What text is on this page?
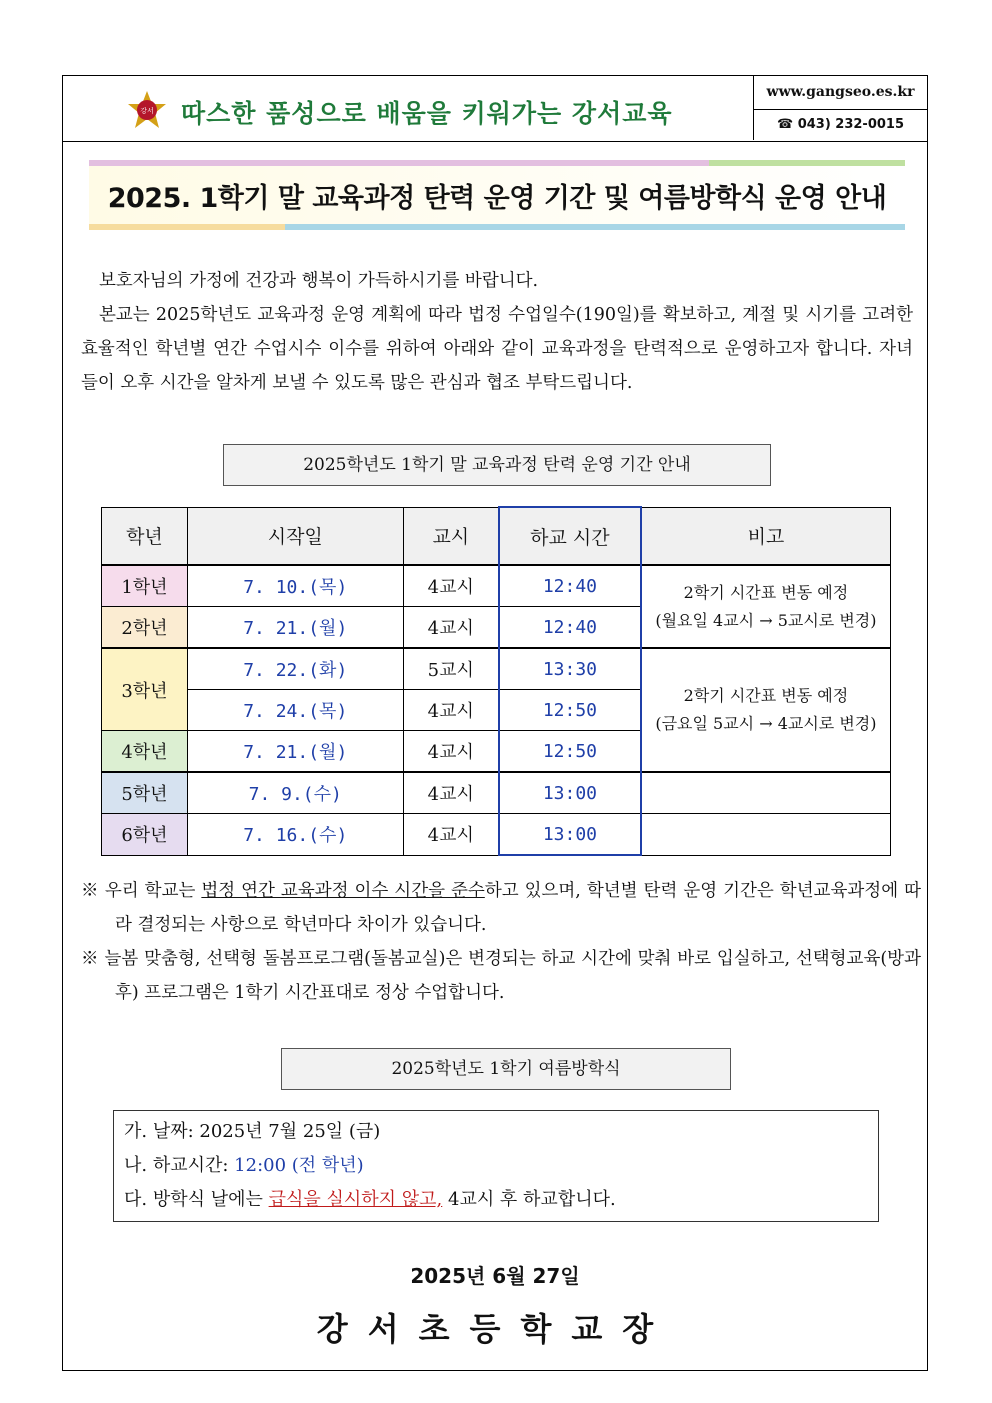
강서 따스한 품성으로 배움을 키워가는 강서교육
www.gangseo.es.kr
☎ 043) 232-0015
2025. 1학기 말 교육과정 탄력 운영 기간 및 여름방학식 운영 안내

보호자님의 가정에 건강과 행복이 가득하시기를 바랍니다.

본교는 2025학년도 교육과정 운영 계획에 따라 법정 수업일수(190일)를 확보하고, 계절 및 시기를 고려한 효율적인 학년별 연간 수업시수 이수를 위하여 아래와 같이 교육과정을 탄력적으로 운영하고자 합니다. 자녀들이 오후 시간을 알차게 보낼 수 있도록 많은 관심과 협조 부탁드립니다.

2025학년도 1학기 말 교육과정 탄력 운영 기간 안내
학년	시작일	교시	하교 시간	비고
1학년	7. 10.(목)	4교시	12:40	2학기 시간표 변동 예정
(월요일 4교시 → 5교시로 변경)

2학년	7. 21.(월)	4교시	12:40	
3학년	7. 22.(화)	5교시	13:30	2학기 시간표 변동 예정
(금요일 5교시 → 4교시로 변경)

	7. 24.(목)	4교시	12:50	
4학년	7. 21.(월)	4교시	12:50	
5학년	7. 9.(수)	4교시	13:00	
6학년	7. 16.(수)	4교시	13:00	
※ 우리 학교는 법정 연간 교육과정 이수 시간을 준수하고 있으며, 학년별 탄력 운영 기간은 학년교육과정에 따라 결정되는 사항으로 학년마다 차이가 있습니다.
※ 늘봄 맞춤형, 선택형 돌봄프로그램(돌봄교실)은 변경되는 하교 시간에 맞춰 바로 입실하고, 선택형교육(방과후) 프로그램은 1학기 시간표대로 정상 수업합니다.
2025학년도 1학기 여름방학식
가. 날짜: 2025년 7월 25일 (금)
나. 하교시간: 12:00 (전 학년)
다. 방학식 날에는 급식을 실시하지 않고, 4교시 후 하교합니다.
2025년 6월 27일
강서초등학교장
